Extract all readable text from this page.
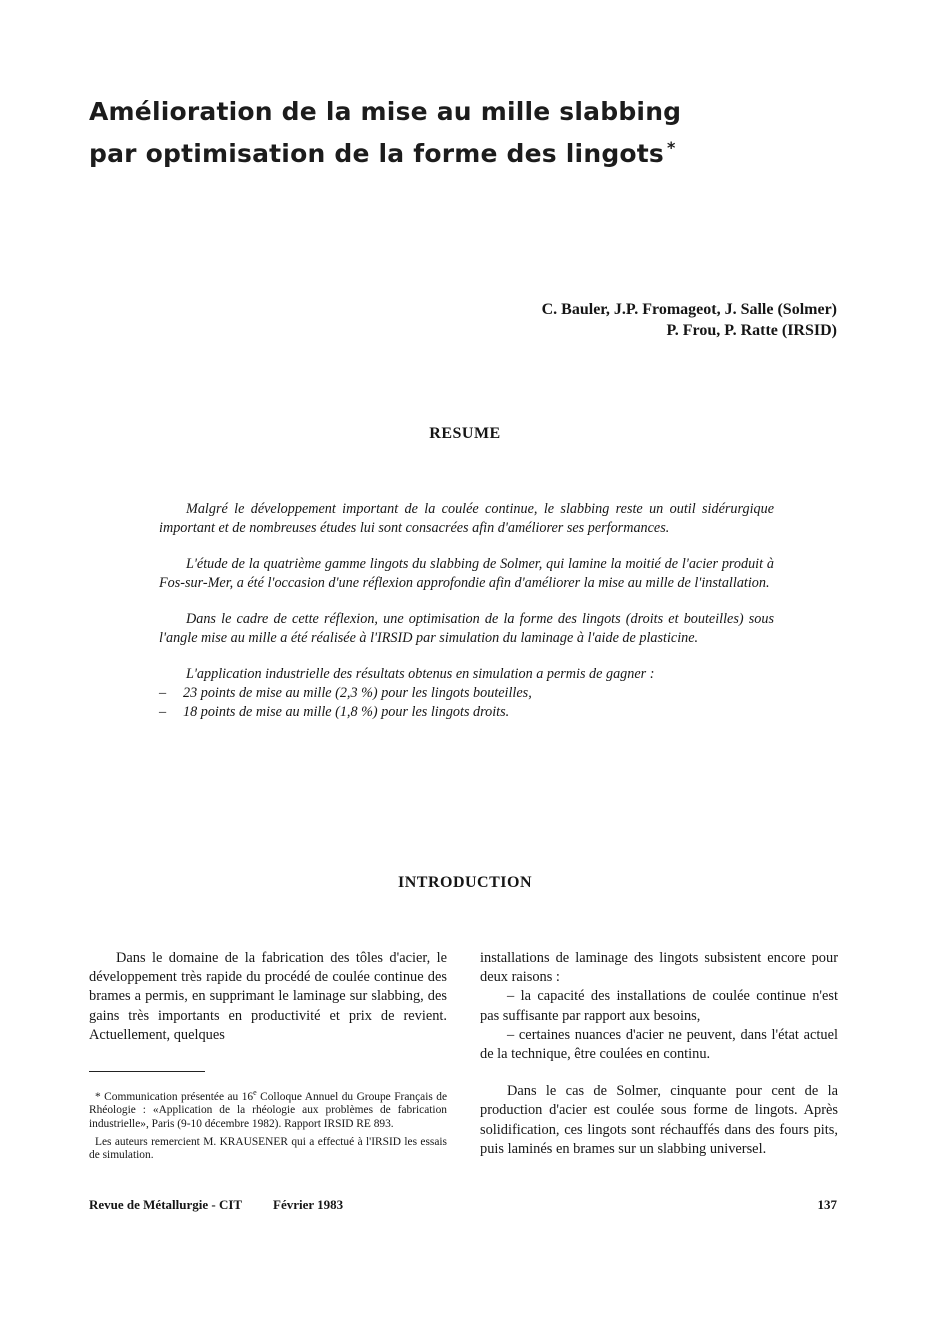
Amélioration de la mise au mille slabbing
par optimisation de la forme des lingots *
C. Bauler, J.P. Fromageot, J. Salle (Solmer)
P. Frou, P. Ratte (IRSID)
RESUME

Malgré le développement important de la coulée continue, le slabbing reste un outil sidérurgique important et de nombreuses études lui sont consacrées afin d'améliorer ses performances.

L'étude de la quatrième gamme lingots du slabbing de Solmer, qui lamine la moitié de l'acier produit à Fos-sur-Mer, a été l'occasion d'une réflexion approfondie afin d'améliorer la mise au mille de l'installation.

Dans le cadre de cette réflexion, une optimisation de la forme des lingots (droits et bouteilles) sous l'angle mise au mille a été réalisée à l'IRSID par simulation du laminage à l'aide de plasticine.

L'application industrielle des résultats obtenus en simulation a permis de gagner :

– 23 points de mise au mille (2,3 %) pour les lingots bouteilles,
– 18 points de mise au mille (1,8 %) pour les lingots droits.
INTRODUCTION

Dans le domaine de la fabrication des tôles d'acier, le développement très rapide du procédé de coulée continue des brames a permis, en supprimant le laminage sur slabbing, des gains très importants en productivité et prix de revient. Actuellement, quelques

installations de laminage des lingots subsistent encore pour deux raisons :

– la capacité des installations de coulée continue n'est pas suffisante par rapport aux besoins,

– certaines nuances d'acier ne peuvent, dans l'état actuel de la technique, être coulées en continu.

Dans le cas de Solmer, cinquante pour cent de la production d'acier est coulée sous forme de lingots. Après solidification, ces lingots sont réchauffés dans des fours pits, puis laminés en brames sur un slabbing universel.

* Communication présentée au 16e Colloque Annuel du Groupe Français de Rhéologie : «Application de la rhéologie aux problèmes de fabrication industrielle», Paris (9-10 décembre 1982). Rapport IRSID RE 893.

Les auteurs remercient M. KRAUSENER qui a effectué à l'IRSID les essais de simulation.

Revue de Métallurgie - CIT Février 1983	137
